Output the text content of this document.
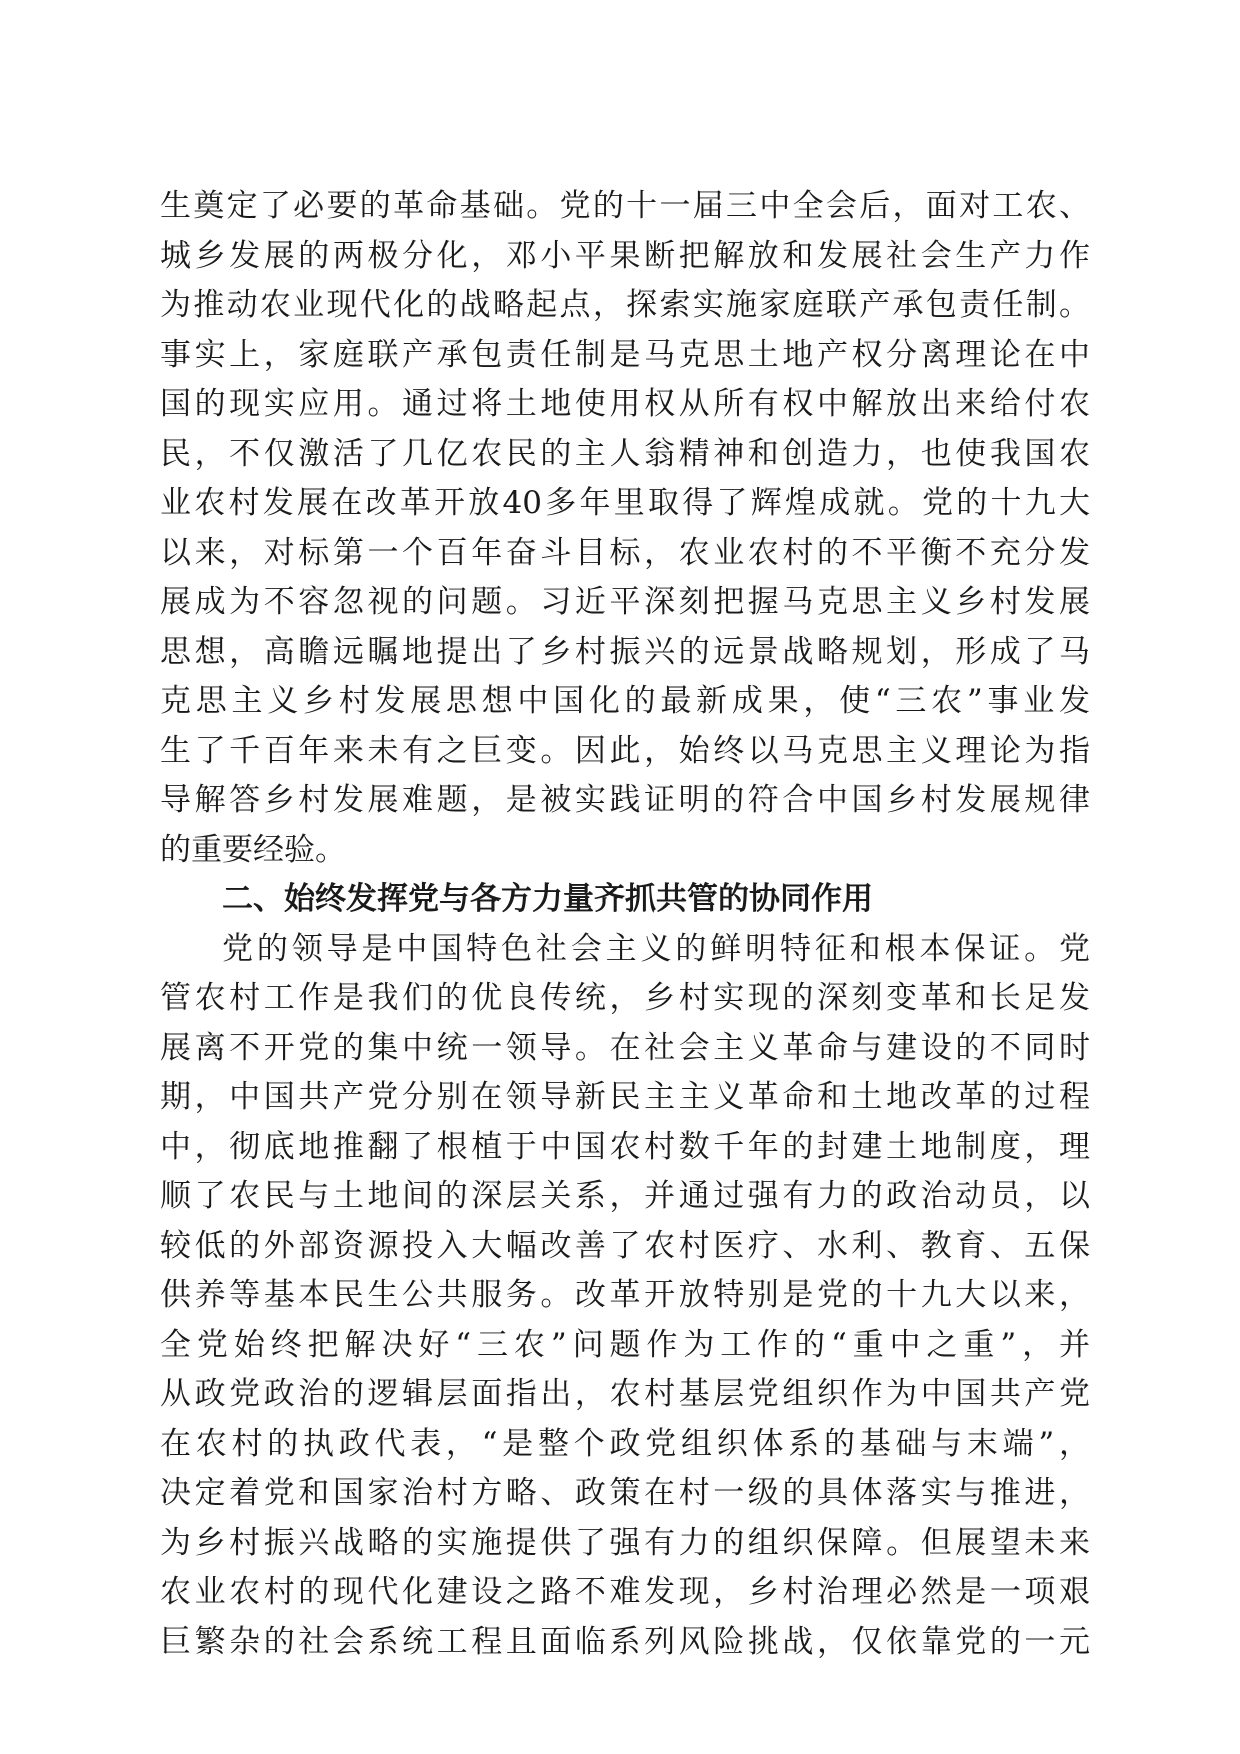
生奠定了必要的革命基础。党的十一届三中全会后，面对工农、
城乡发展的两极分化，邓小平果断把解放和发展社会生产力作
为推动农业现代化的战略起点，探索实施家庭联产承包责任制。
事实上，家庭联产承包责任制是马克思土地产权分离理论在中
国的现实应用。通过将土地使用权从所有权中解放出来给付农
民，不仅激活了几亿农民的主人翁精神和创造力，也使我国农
业农村发展在改革开放40多年里取得了辉煌成就。党的十九大
以来，对标第一个百年奋斗目标，农业农村的不平衡不充分发
展成为不容忽视的问题。习近平深刻把握马克思主义乡村发展
思想，高瞻远瞩地提出了乡村振兴的远景战略规划，形成了马
克思主义乡村发展思想中国化的最新成果，使“三农”事业发
生了千百年来未有之巨变。因此，始终以马克思主义理论为指
导解答乡村发展难题，是被实践证明的符合中国乡村发展规律
的重要经验。
二、始终发挥党与各方力量齐抓共管的协同作用
党的领导是中国特色社会主义的鲜明特征和根本保证。党
管农村工作是我们的优良传统，乡村实现的深刻变革和长足发
展离不开党的集中统一领导。在社会主义革命与建设的不同时
期，中国共产党分别在领导新民主主义革命和土地改革的过程
中，彻底地推翻了根植于中国农村数千年的封建土地制度，理
顺了农民与土地间的深层关系，并通过强有力的政治动员，以
较低的外部资源投入大幅改善了农村医疗、水利、教育、五保
供养等基本民生公共服务。改革开放特别是党的十九大以来，
全党始终把解决好“三农”问题作为工作的“重中之重”，并
从政党政治的逻辑层面指出，农村基层党组织作为中国共产党
在农村的执政代表，“是整个政党组织体系的基础与末端”，
决定着党和国家治村方略、政策在村一级的具体落实与推进，
为乡村振兴战略的实施提供了强有力的组织保障。但展望未来
农业农村的现代化建设之路不难发现，乡村治理必然是一项艰
巨繁杂的社会系统工程且面临系列风险挑战，仅依靠党的一元
